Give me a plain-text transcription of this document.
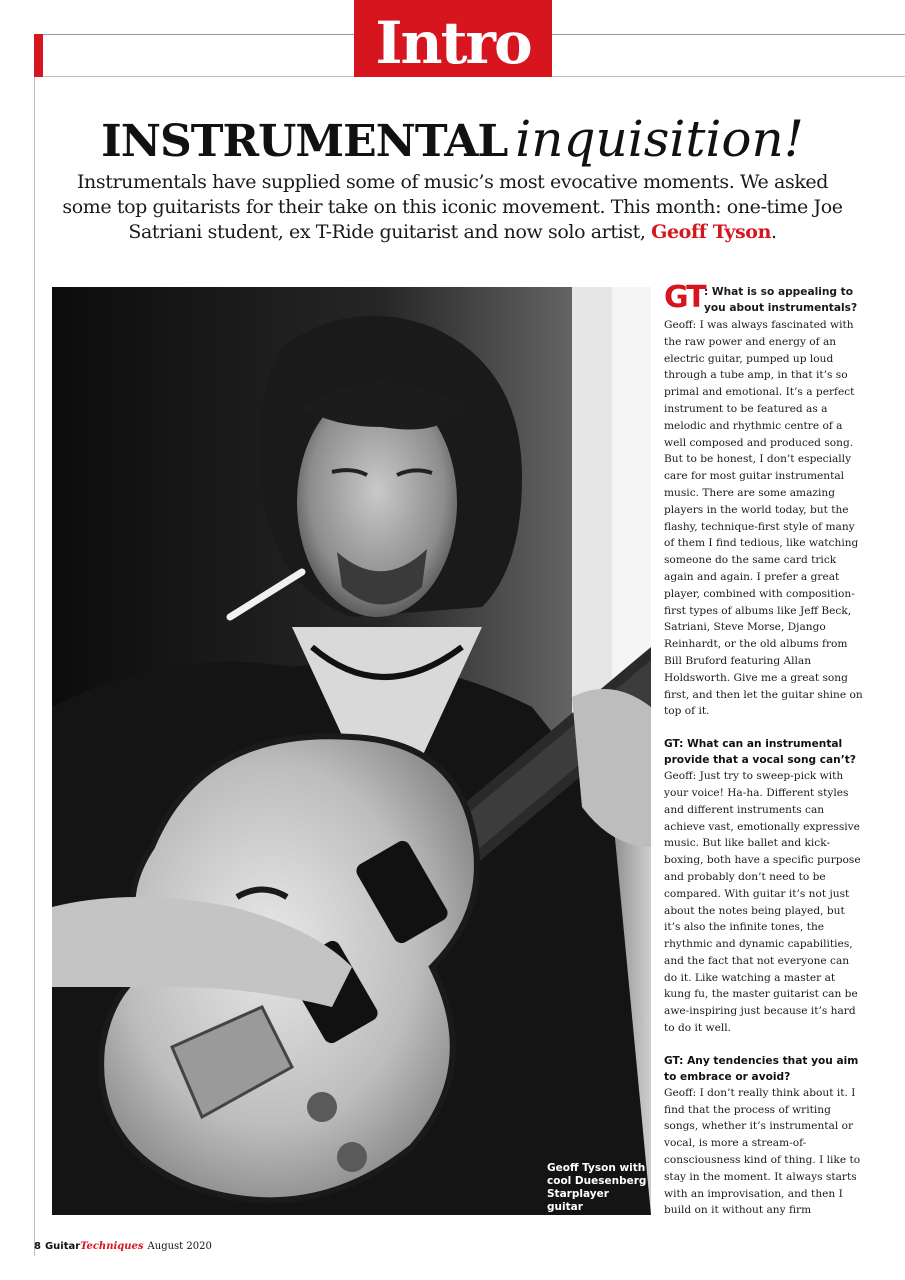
Intro
INSTRUMENTAL inquisition!
Instrumentals have supplied some of music’s most evocative moments. We asked some top guitarists for their take on this iconic movement. This month: one-time Joe Satriani student, ex T-Ride guitarist and now solo artist, Geoff Tyson.
Geoff Tyson with cool Duesenberg Starplayer guitar
GT : What is so appealing to you about instrumentals?

Geoff: I was always fascinated with the raw power and energy of an electric guitar, pumped up loud through a tube amp, in that it’s so primal and emotional. It’s a perfect instrument to be featured as a melodic and rhythmic centre of a well composed and produced song. But to be honest, I don’t especially care for most guitar instrumental music. There are some amazing players in the world today, but the flashy, technique-first style of many of them I find tedious, like watching someone do the same card trick again and again. I prefer a great player, combined with composition-first types of albums like Jeff Beck, Satriani, Steve Morse, Django Reinhardt, or the old albums from Bill Bruford featuring Allan Holdsworth. Give me a great song first, and then let the guitar shine on top of it.

GT: What can an instrumental provide that a vocal song can’t?

Geoff: Just try to sweep-pick with your voice! Ha-ha. Different styles and different instruments can achieve vast, emotionally expressive music. But like ballet and kick-boxing, both have a specific purpose and probably don’t need to be compared. With guitar it’s not just about the notes being played, but it’s also the infinite tones, the rhythmic and dynamic capabilities, and the fact that not everyone can do it. Like watching a master at kung fu, the master guitarist can be awe-inspiring just because it’s hard to do it well.

GT: Any tendencies that you aim to embrace or avoid?

Geoff: I don’t really think about it. I find that the process of writing songs, whether it’s instrumental or vocal, is more a stream-of-consciousness kind of thing. I like to stay in the moment. It always starts with an improvisation, and then I build on it without any firm

8 GuitarTechniques August 2020
